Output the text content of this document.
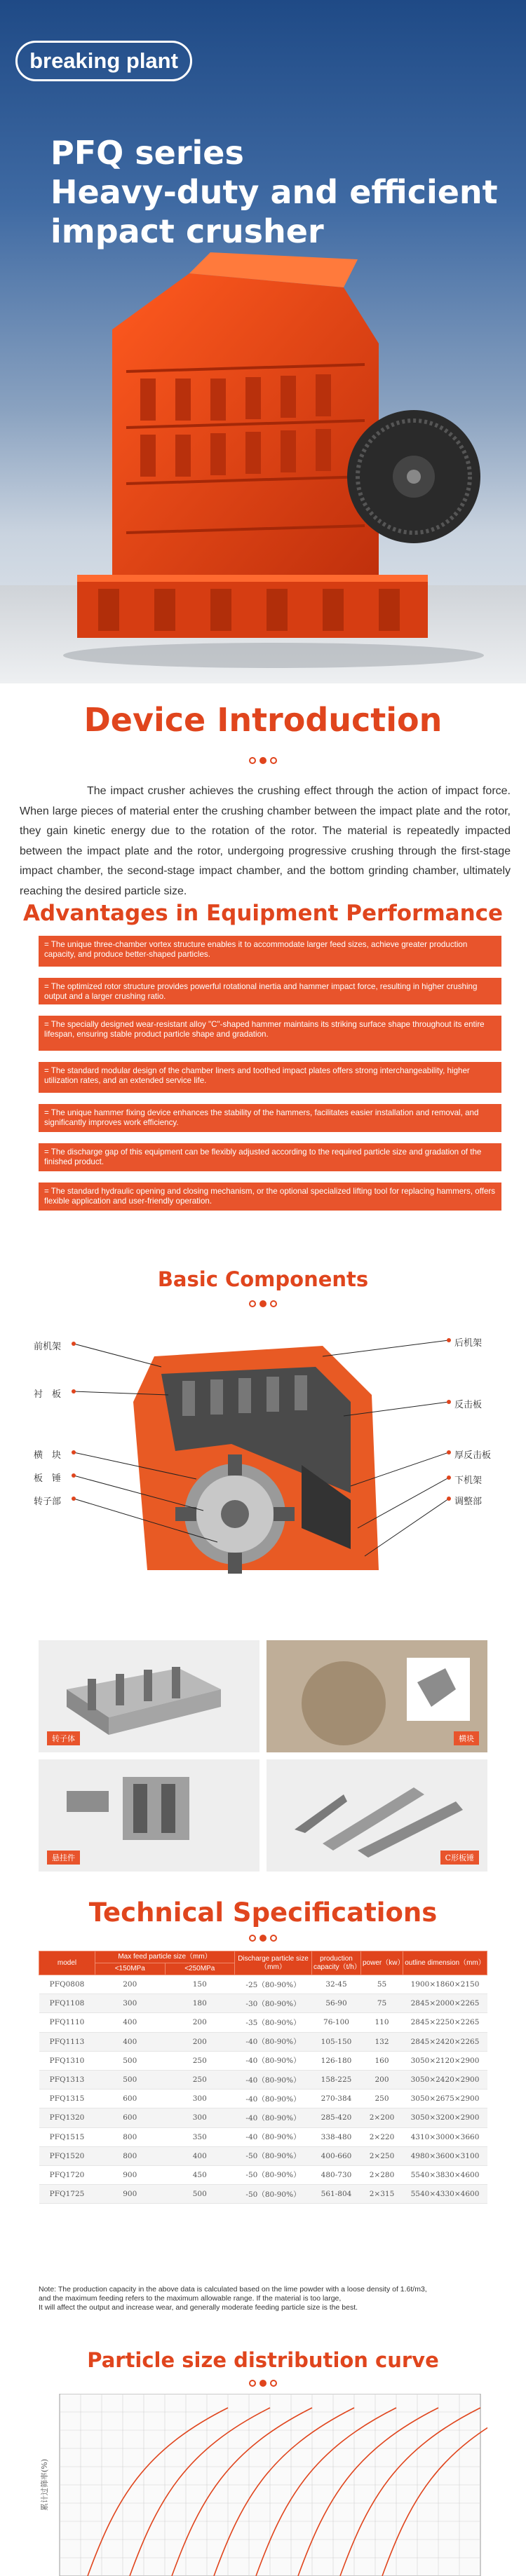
breaking plant
PFQ series
Heavy-duty and efficient
impact crusher
Device Introduction

The impact crusher achieves the crushing effect through the action of impact force. When large pieces of material enter the crushing chamber between the impact plate and the rotor, they gain kinetic energy due to the rotation of the rotor. The material is repeatedly impacted between the impact plate and the rotor, undergoing progressive crushing through the first-stage impact chamber, the second-stage impact chamber, and the bottom grinding chamber, ultimately reaching the desired particle size.

Advantages in Equipment Performance
= The unique three-chamber vortex structure enables it to accommodate larger feed sizes, achieve greater production capacity, and produce better-shaped particles.
= The optimized rotor structure provides powerful rotational inertia and hammer impact force, resulting in higher crushing output and a larger crushing ratio.
= The specially designed wear-resistant alloy "C"-shaped hammer maintains its striking surface shape throughout its entire lifespan, ensuring stable product particle shape and gradation.
= The standard modular design of the chamber liners and toothed impact plates offers strong interchangeability, higher utilization rates, and an extended service life.
= The unique hammer fixing device enhances the stability of the hammers, facilitates easier installation and removal, and significantly improves work efficiency.
= The discharge gap of this equipment can be flexibly adjusted according to the required particle size and gradation of the finished product.
= The standard hydraulic opening and closing mechanism, or the optional specialized lifting tool for replacing hammers, offers flexible application and user-friendly operation.
Basic Components
前机架
衬　板
横　块
板　锤
转子部
后机架
反击板
厚反击板
下机架
调整部
转子体	横块
悬挂件	C形板锤
Technical Specifications
model	Max feed particle size（mm）		Discharge particle size（mm）	production capacity（t/h）	power（kw）	outline dimension（mm）
	<150MPa	<250MPa				
PFQ0808	200	150	-25（80-90%）	32-45	55	1900×1860×2150
PFQ1108	300	180	-30（80-90%）	56-90	75	2845×2000×2265
PFQ1110	400	200	-35（80-90%）	76-100	110	2845×2250×2265
PFQ1113	400	200	-40（80-90%）	105-150	132	2845×2420×2265
PFQ1310	500	250	-40（80-90%）	126-180	160	3050×2120×2900
PFQ1313	500	250	-40（80-90%）	158-225	200	3050×2420×2900
PFQ1315	600	300	-40（80-90%）	270-384	250	3050×2675×2900
PFQ1320	600	300	-40（80-90%）	285-420	2×200	3050×3200×2900
PFQ1515	800	350	-40（80-90%）	338-480	2×220	4310×3000×3660
PFQ1520	800	400	-50（80-90%）	400-660	2×250	4980×3600×3100
PFQ1720	900	450	-50（80-90%）	480-730	2×280	5540×3830×4600
PFQ1725	900	500	-50（80-90%）	561-804	2×315	5540×4330×4600
Note: The production capacity in the above data is calculated based on the lime powder with a loose density of 1.6t/m3,
and the maximum feeding refers to the maximum allowable range. If the material is too large,
It will affect the output and increase wear, and generally moderate feeding particle size is the best.
Particle size distribution curve
累计过筛率(%)
